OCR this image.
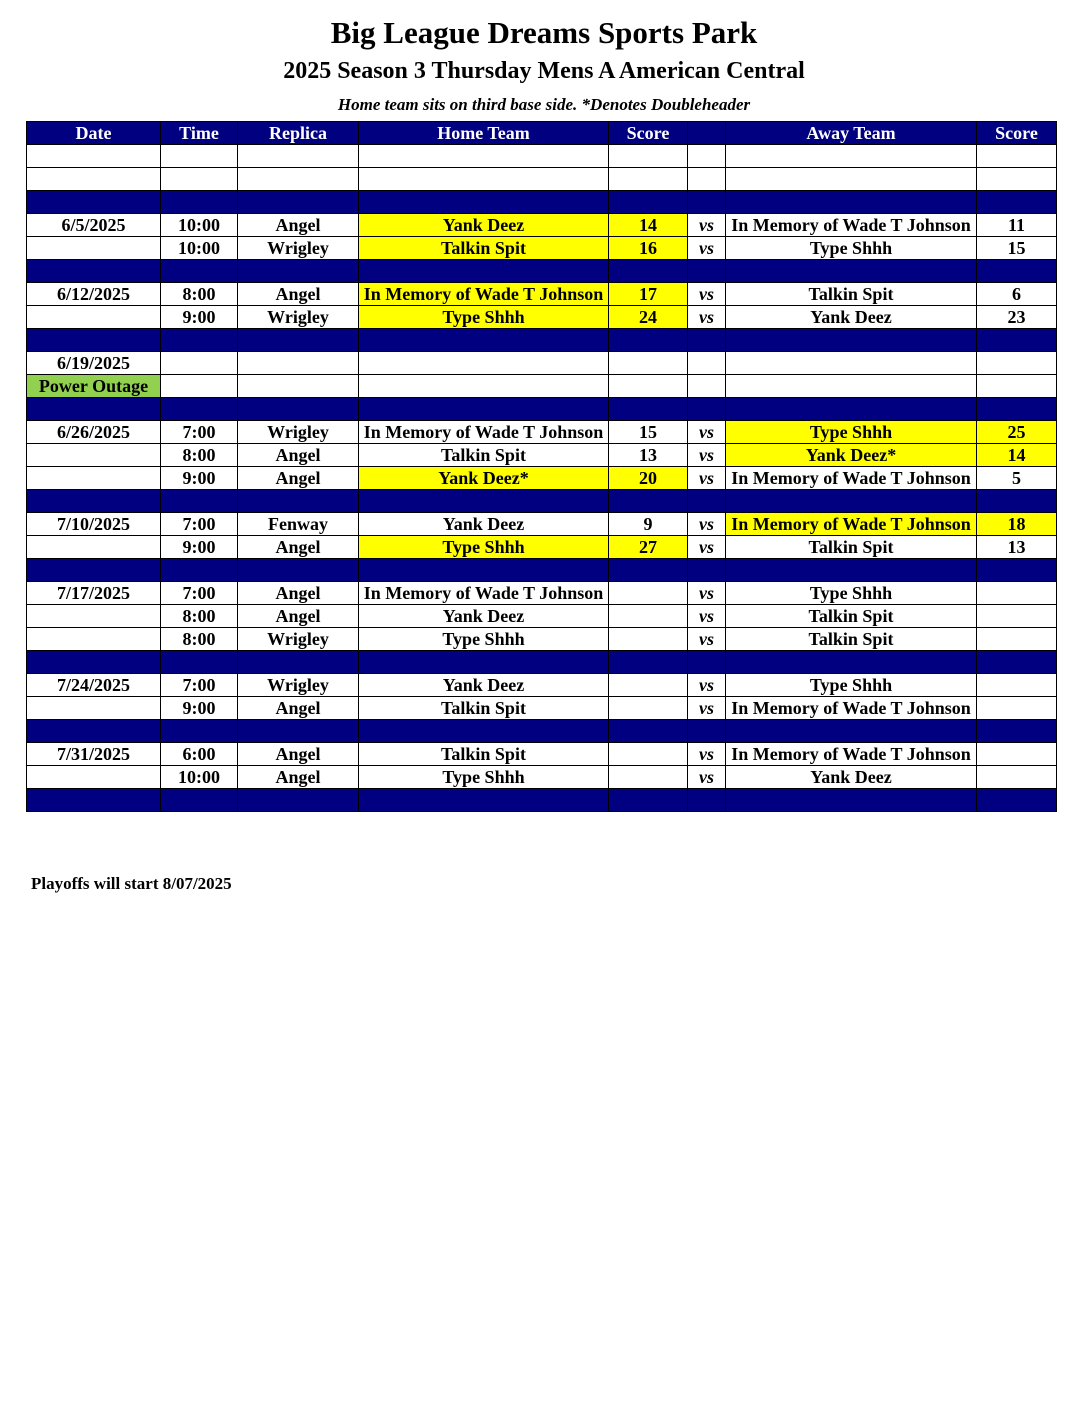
Big League Dreams Sports Park
2025 Season 3 Thursday Mens A American Central
Home team sits on third base side. *Denotes Doubleheader
Date	Time	Replica	Home Team	Score		Away Team	Score

6/5/2025	10:00	Angel	Yank Deez	14	vs	In Memory of Wade T Johnson	11
	10:00	Wrigley	Talkin Spit	16	vs	Type Shhh	15

6/12/2025	8:00	Angel	In Memory of Wade T Johnson	17	vs	Talkin Spit	6
	9:00	Wrigley	Type Shhh	24	vs	Yank Deez	23

6/19/2025							
Power Outage							

6/26/2025	7:00	Wrigley	In Memory of Wade T Johnson	15	vs	Type Shhh	25
	8:00	Angel	Talkin Spit	13	vs	Yank Deez*	14
	9:00	Angel	Yank Deez*	20	vs	In Memory of Wade T Johnson	5

7/10/2025	7:00	Fenway	Yank Deez	9	vs	In Memory of Wade T Johnson	18
	9:00	Angel	Type Shhh	27	vs	Talkin Spit	13

7/17/2025	7:00	Angel	In Memory of Wade T Johnson		vs	Type Shhh	
	8:00	Angel	Yank Deez		vs	Talkin Spit	
	8:00	Wrigley	Type Shhh		vs	Talkin Spit	

7/24/2025	7:00	Wrigley	Yank Deez		vs	Type Shhh	
	9:00	Angel	Talkin Spit		vs	In Memory of Wade T Johnson	

7/31/2025	6:00	Angel	Talkin Spit		vs	In Memory of Wade T Johnson	
	10:00	Angel	Type Shhh		vs	Yank Deez	

Playoffs will start 8/07/2025
